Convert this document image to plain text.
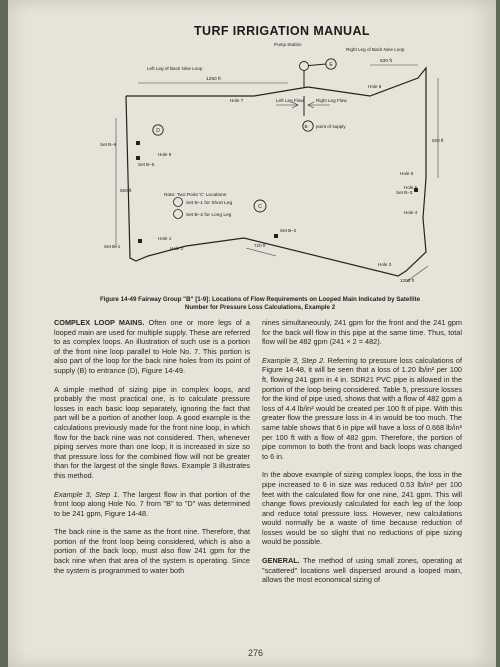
TURF IRRIGATION MANUAL
Pump Station
Right Leg of Back Nine Loop
Left Leg of Back Nine Loop
630 ft
1250 ft
Hole 8
Hole 7	Left Leg Flow	Right Leg Flow
point of supply
620 ft
Set B–6
Hole 9
Set B–5
550 ft
Hole 6
Set B–3
Hole 4
Hole 5
Note: Two Point 'C' Locations
Set B–1 for Short Leg
Set B–2 for Long Leg
Set B–1
Hole 1
Hole 2
720 ft
Set B–2
Hole 3
1200 ft
B
C
D
E
Figure 14-49 Fairway Group "B" [1-9]: Locations of Flow Requirements on Looped Main Indicated by Satellite Number for Pressure Loss Calculations, Example 2

COMPLEX LOOP MAINS. Often one or more legs of a looped main are used for multiple supply. These are referred to as complex loops. An illustration of such use is a portion of the front nine loop parallel to Hole No. 7. This portion is also part of the loop for the back nine holes from its point of supply (B) to entrance (D), Figure 14-49.

A simple method of sizing pipe in complex loops, and probably the most practical one, is to calculate pressure losses in each basic loop separately, ignoring the fact that part will be a portion of another loop. A good example is the calculations previously made for the front nine loop, in which flow for the back nine was not considered. Then, whenever piping serves more than one loop, it is increased in size so that pressure loss for the combined flow will not be greater than for the largest of the single flows. Example 3 illustrates this method.

Example 3, Step 1. The largest flow in that portion of the front loop along Hole No. 7 from "B" to "D" was determined to be 241 gpm, Figure 14-48.

The back nine is the same as the front nine. Therefore, that portion of the front loop being considered, which is also a portion of the back loop, must also flow 241 gpm for the back nine when that area of the system is operating. Since the system is programmed to water both

nines simultaneously, 241 gpm for the front and the 241 gpm for the back will flow in this pipe at the same time. Thus, total flow will be 482 gpm (241 × 2 = 482).

Example 3, Step 2. Referring to pressure loss calculations of Figure 14-48, it will be seen that a loss of 1.20 lb/in² per 100 ft, flowing 241 gpm in 4 in. SDR21 PVC pipe is allowed in the portion of the loop being considered. Table 5, pressure losses for the kind of pipe used, shows that with a flow of 482 gpm a loss of 4.4 lb/in² would be created per 100 ft of pipe. With this greater flow the pressure loss in 4 in would be too much. The same table shows that 6 in pipe will have a loss of 0.668 lb/in² per 100 ft with a flow of 482 gpm. Therefore, the portion of pipe common to both the front and back loops was changed to 6 in.

In the above example of sizing complex loops, the loss in the pipe increased to 6 in size was reduced 0.53 lb/in² per 100 feet with the calculated flow for one nine, 241 gpm. This will change flows previously calculated for each leg of the loop and reduce total pressure loss. However, new calculations would normally be a waste of time because reduction of losses would be so slight that no reductions of pipe sizing would be possible.

GENERAL. The method of using small zones, operating at "scattered" locations well dispersed around a looped main, allows the most economical sizing of

276
